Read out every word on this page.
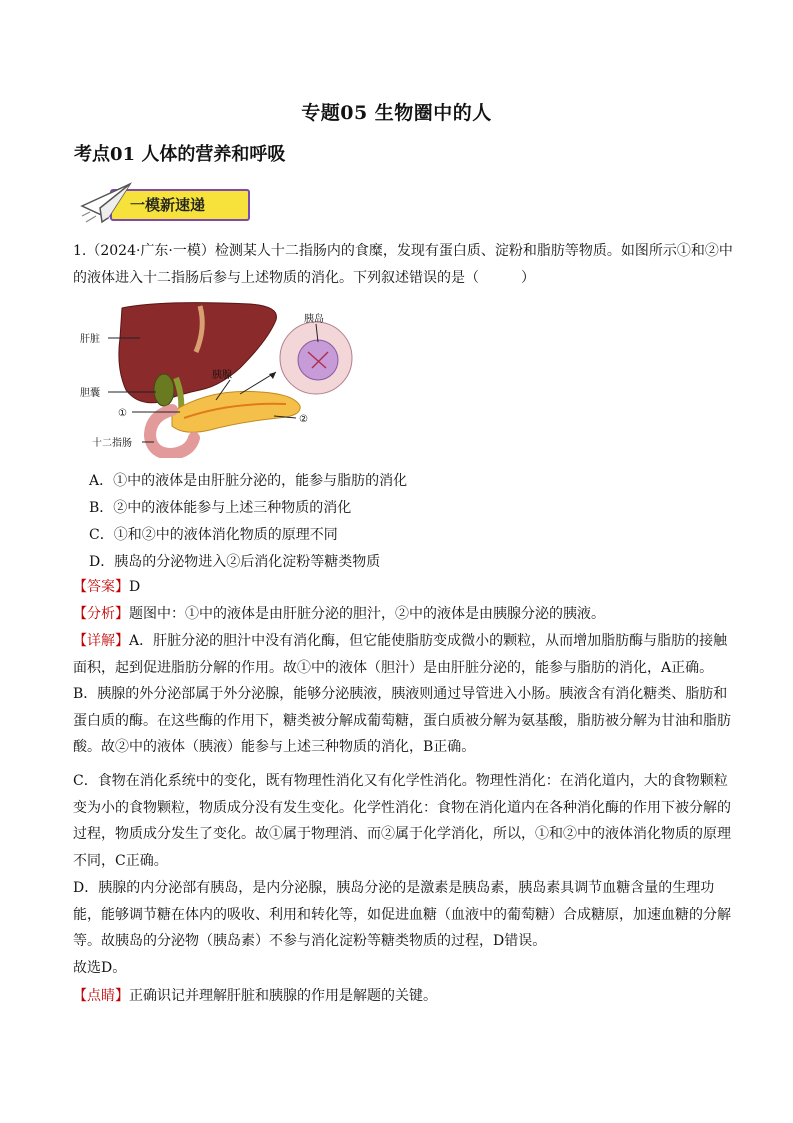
专题05 生物圈中的人
考点01 人体的营养和呼吸
一模新速递

1.（2024·广东·一模）检测某人十二指肠内的食糜，发现有蛋白质、淀粉和脂肪等物质。如图所示①和②中的液体进入十二指肠后参与上述物质的消化。下列叙述错误的是（　　　）

肝脏
胆囊
①
胰腺
②
十二指肠
胰岛
A．①中的液体是由肝脏分泌的，能参与脂肪的消化
B．②中的液体能参与上述三种物质的消化
C．①和②中的液体消化物质的原理不同
D．胰岛的分泌物进入②后消化淀粉等糖类物质

【答案】D

【分析】题图中：①中的液体是由肝脏分泌的胆汁，②中的液体是由胰腺分泌的胰液。

【详解】A．肝脏分泌的胆汁中没有消化酶，但它能使脂肪变成微小的颗粒，从而增加脂肪酶与脂肪的接触面积，起到促进脂肪分解的作用。故①中的液体（胆汁）是由肝脏分泌的，能参与脂肪的消化，A正确。

B．胰腺的外分泌部属于外分泌腺，能够分泌胰液，胰液则通过导管进入小肠。胰液含有消化糖类、脂肪和蛋白质的酶。在这些酶的作用下，糖类被分解成葡萄糖，蛋白质被分解为氨基酸，脂肪被分解为甘油和脂肪酸。故②中的液体（胰液）能参与上述三种物质的消化，B正确。

C．食物在消化系统中的变化，既有物理性消化又有化学性消化。物理性消化：在消化道内，大的食物颗粒变为小的食物颗粒，物质成分没有发生变化。化学性消化：食物在消化道内在各种消化酶的作用下被分解的过程，物质成分发生了变化。故①属于物理消、而②属于化学消化，所以，①和②中的液体消化物质的原理不同，C正确。

D．胰腺的内分泌部有胰岛，是内分泌腺，胰岛分泌的是激素是胰岛素，胰岛素具调节血糖含量的生理功能，能够调节糖在体内的吸收、利用和转化等，如促进血糖（血液中的葡萄糖）合成糖原，加速血糖的分解等。故胰岛的分泌物（胰岛素）不参与消化淀粉等糖类物质的过程，D错误。

故选D。

【点睛】正确识记并理解肝脏和胰腺的作用是解题的关键。
